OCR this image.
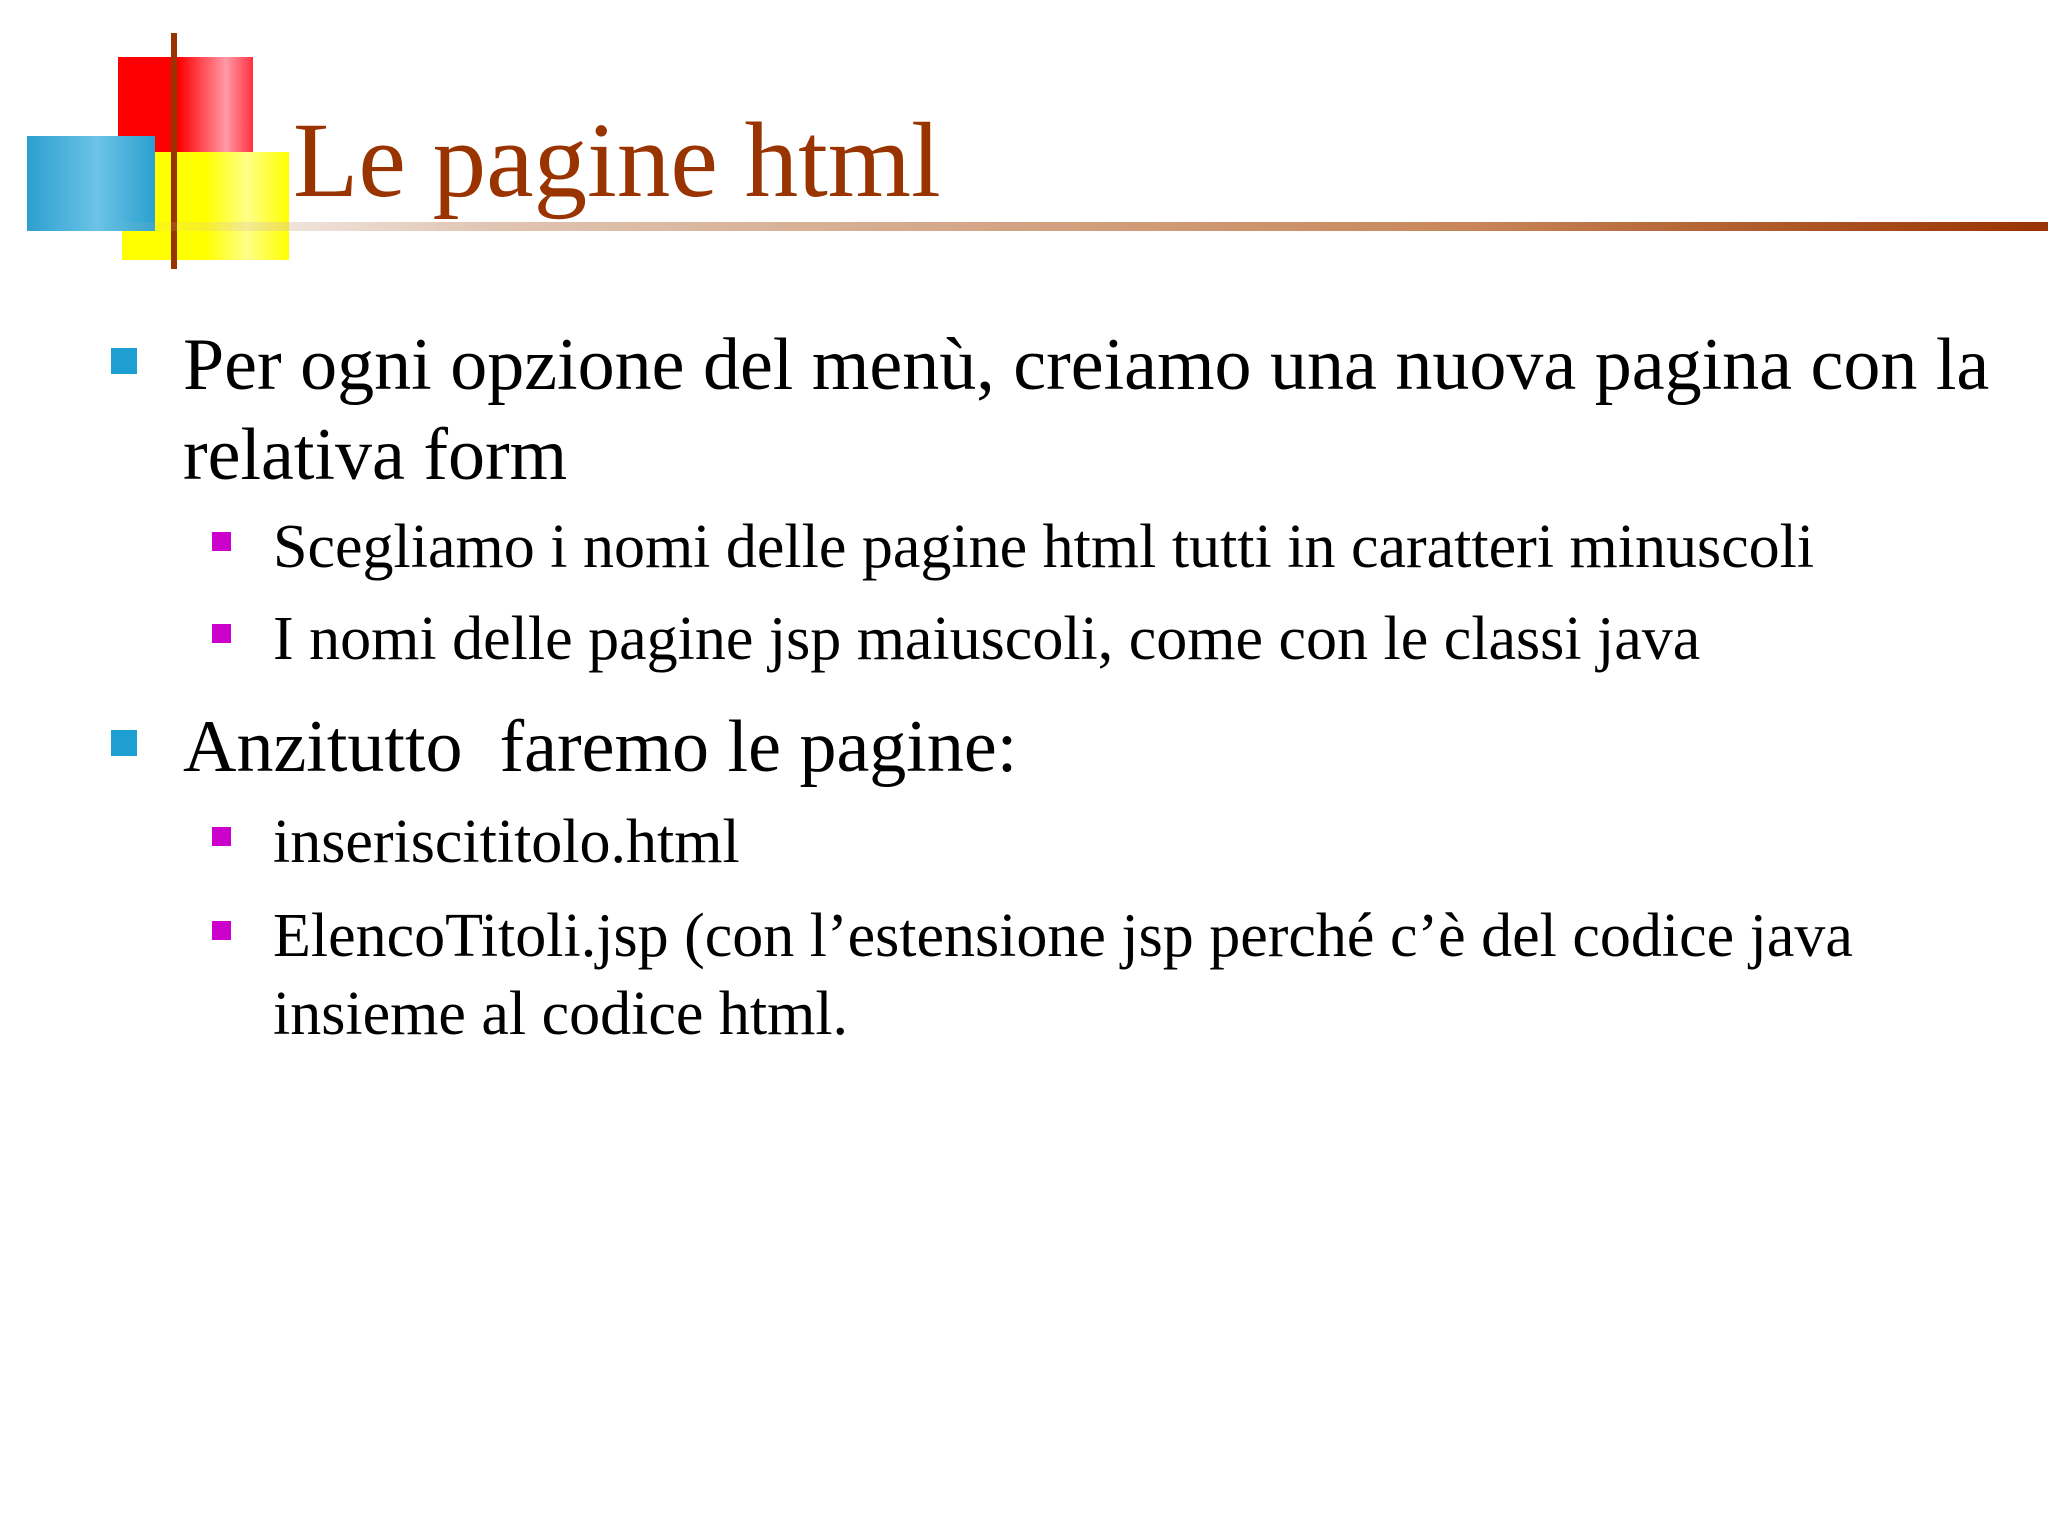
Le pagine html
Per ogni opzione del menù, creiamo una nuova pagina con la relativa form
Scegliamo i nomi delle pagine html tutti in caratteri minuscoli
I nomi delle pagine jsp maiuscoli, come con le classi java
Anzitutto  faremo le pagine:
inseriscititolo.html
ElencoTitoli.jsp (con l’estensione jsp perché c’è del codice java insieme al codice html.
